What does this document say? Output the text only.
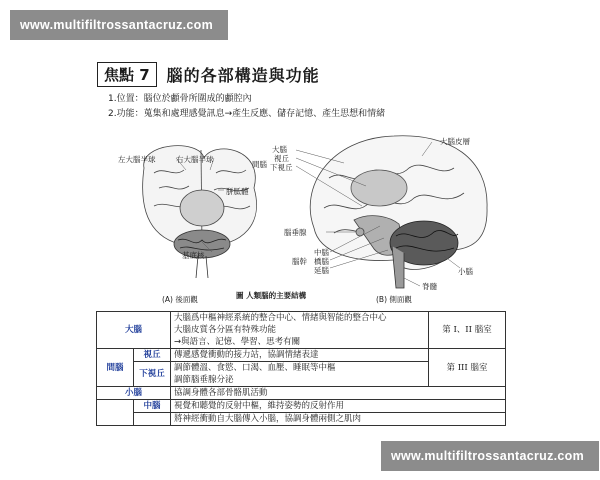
www.multifiltrossantacruz.com
焦點 7	腦的各部構造與功能
1.位置：腦位於顱骨所圍成的顱腔內
2.功能：蒐集和處理感覺訊息→產生反應、儲存記憶、產生思想和情緒
左大腦半球	右大腦半球
胼胝體
基底核
大腦皮層
大腦
視丘
間腦 下視丘
腦垂腺
中腦
腦幹 橋腦
延腦	小腦
脊髓
(A) 後面觀	圖 人類腦的主要結構	(B) 側面觀
大腦		大腦爲中樞神經系統的整合中心、情緒與智能的整合中心
大腦皮質各分區有特殊功能
→與語言、記憶、學習、思考有關	第 I、II 腦室
間腦	視丘	傳遞感覺衝動的接力站，協調情緒表達	第 III 腦室
	下視丘	調節體溫、食慾、口渴、血壓、睡眠等中樞
調節腦垂腺分泌	

小腦		協調身體各部骨骼肌活動	
	中腦	視覺和聽覺的反射中樞，維持姿勢的反射作用	
		將神經衝動自大腦傳入小腦，協調身體兩側之肌肉	
www.multifiltrossantacruz.com
